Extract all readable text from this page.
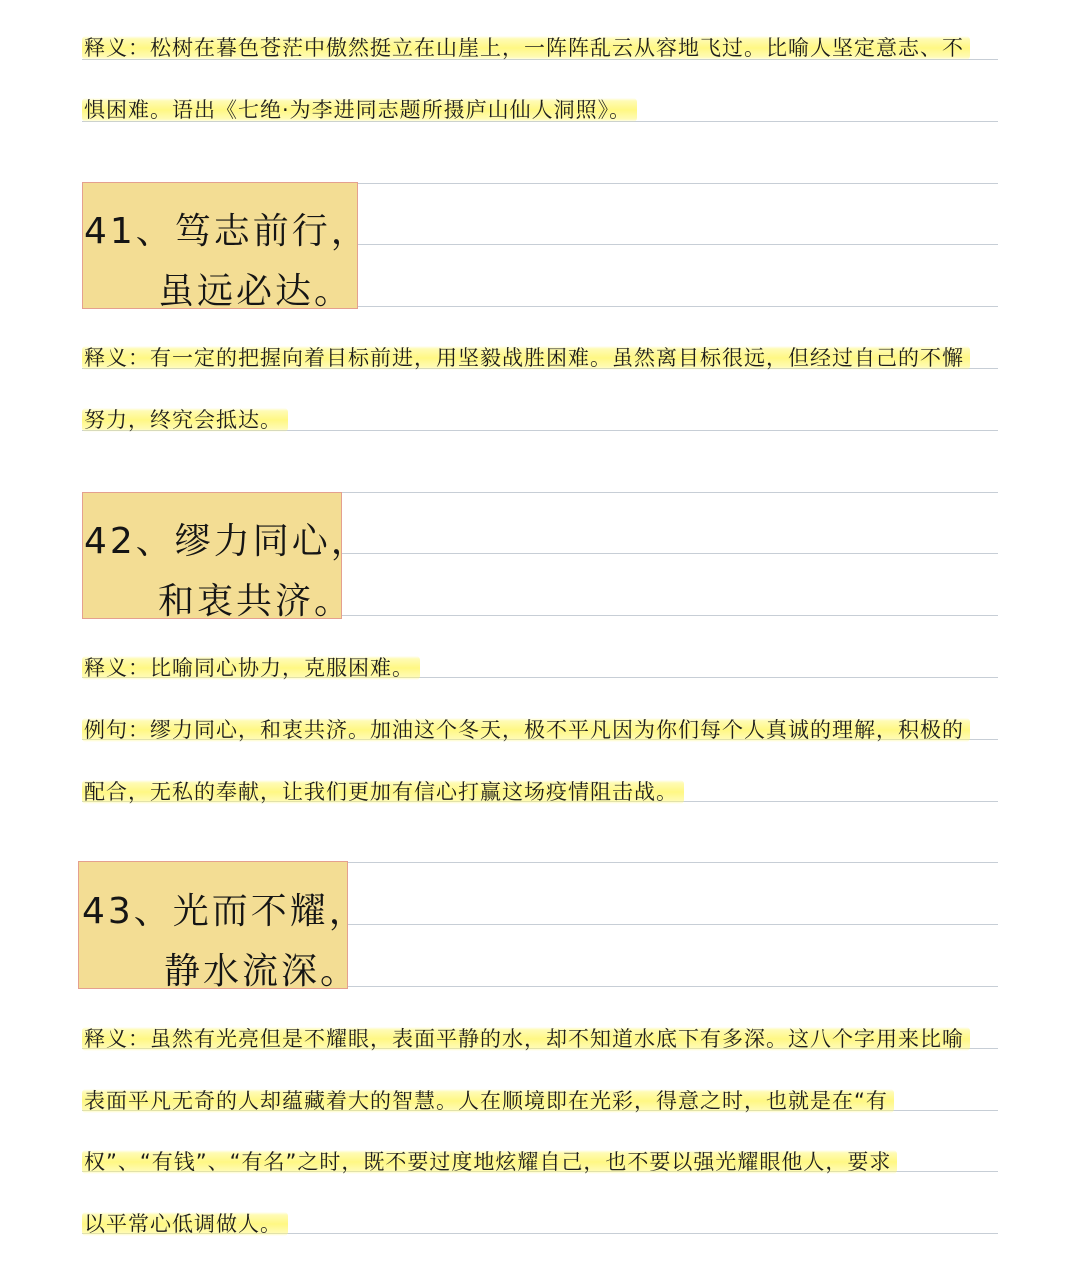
释义：松树在暮色苍茫中傲然挺立在山崖上，一阵阵乱云从容地飞过。比喻人坚定意志、不
惧困难。语出《七绝·为李进同志题所摄庐山仙人洞照》。
41、笃志前行，
虽远必达。
释义：有一定的把握向着目标前进，用坚毅战胜困难。虽然离目标很远，但经过自己的不懈
努力，终究会抵达。
42、缪力同心，
和衷共济。
释义：比喻同心协力，克服困难。
例句：缪力同心，和衷共济。加油这个冬天，极不平凡因为你们每个人真诚的理解，积极的
配合，无私的奉献，让我们更加有信心打赢这场疫情阻击战。
43、光而不耀，
静水流深。
释义：虽然有光亮但是不耀眼，表面平静的水，却不知道水底下有多深。这八个字用来比喻
表面平凡无奇的人却蕴藏着大的智慧。人在顺境即在光彩，得意之时，也就是在“有
权”、“有钱”、“有名”之时，既不要过度地炫耀自己，也不要以强光耀眼他人，要求
以平常心低调做人。
